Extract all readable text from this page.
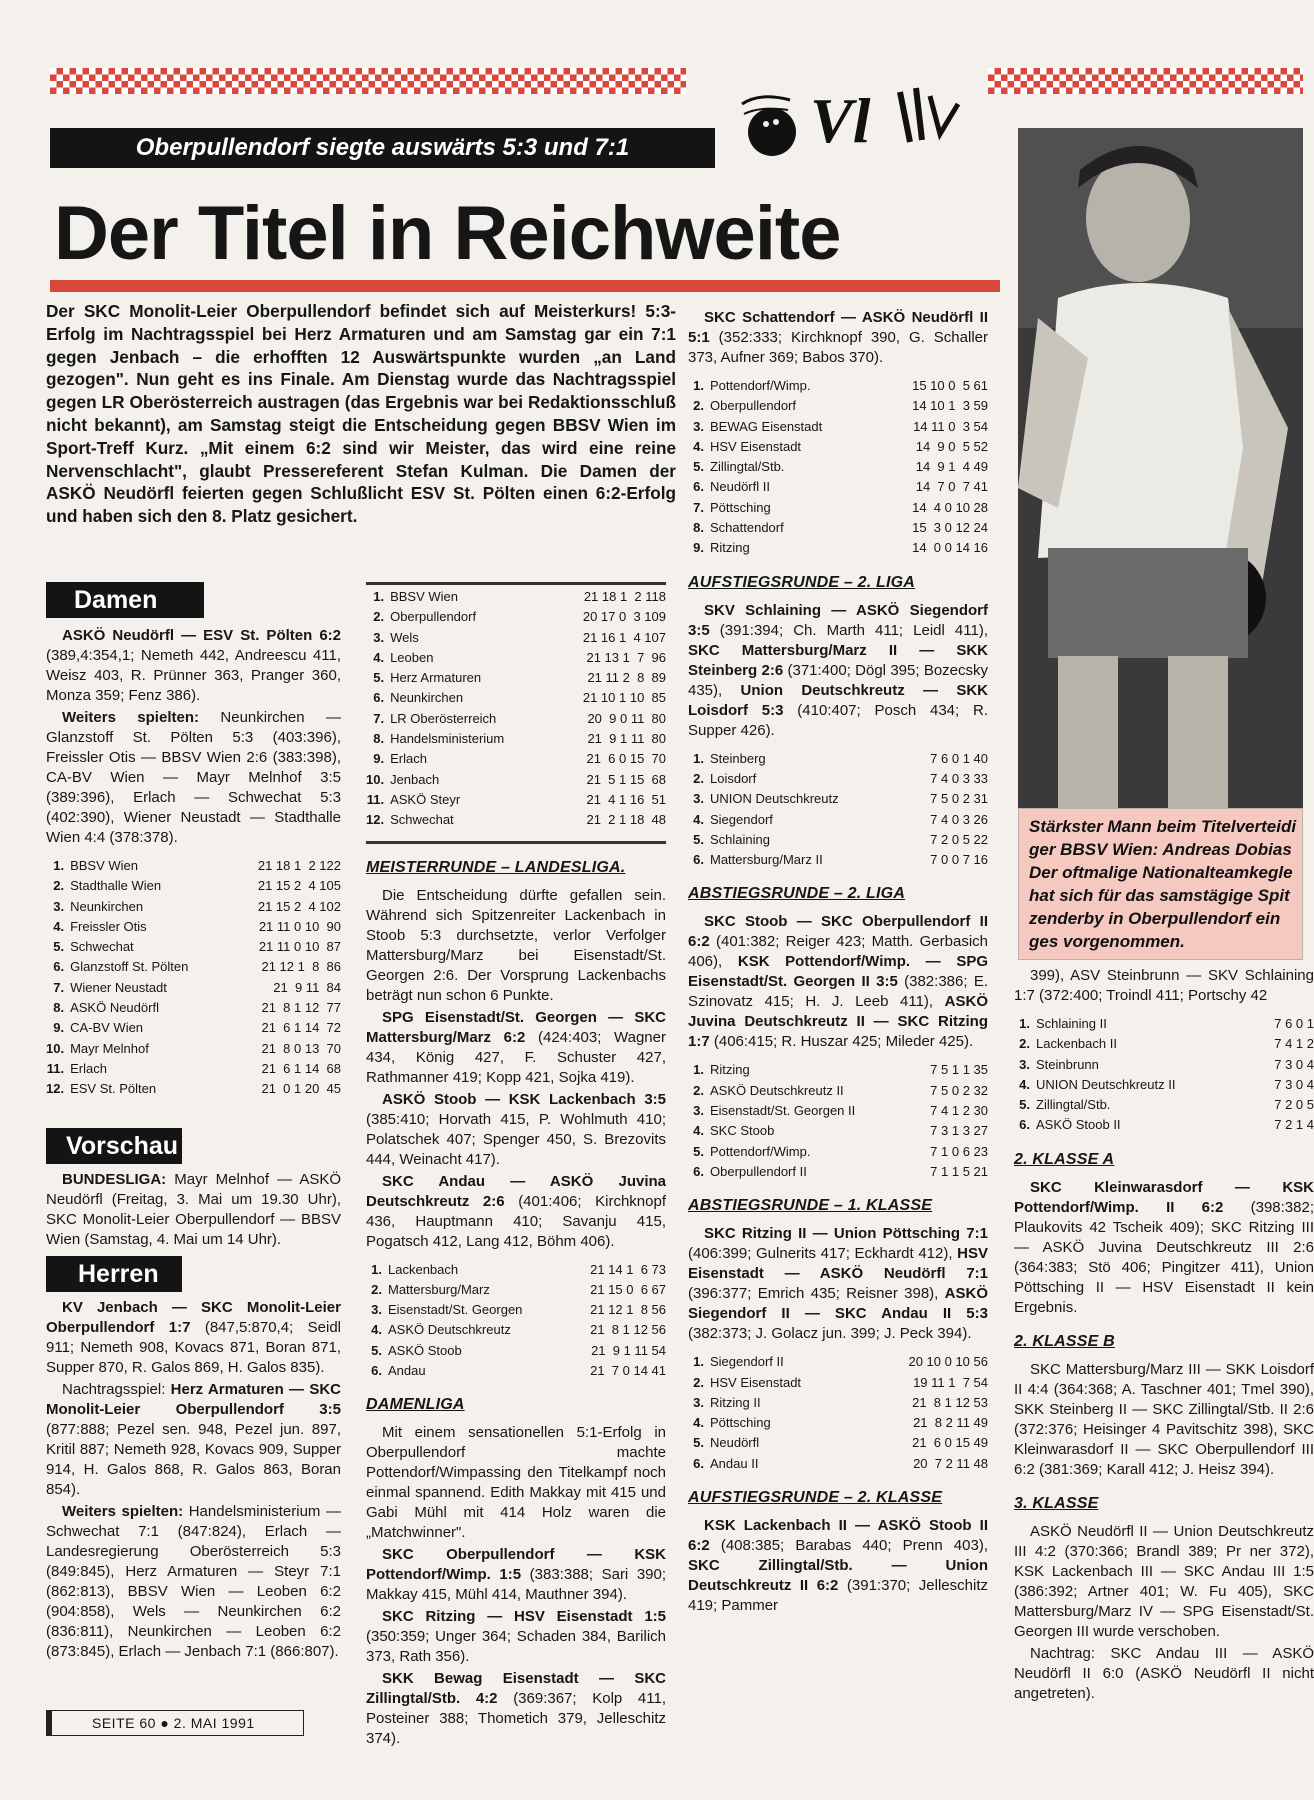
Oberpullendorf siegte auswärts 5:3 und 7:1	Vl
Der Titel in Reichweite
Stärkster Mann beim Titelverteidi
ger BBSV Wien: Andreas Dobias
Der oftmalige Nationalteamkegle
hat sich für das samstägige Spit
zenderby in Oberpullendorf ein
ges vorgenommen.
Der SKC Monolit-Leier Oberpullendorf befindet sich auf Meisterkurs! 5:3-Erfolg im Nachtragsspiel bei Herz Armaturen und am Samstag gar ein 7:1 gegen Jenbach – die erhofften 12 Auswärtspunkte wurden „an Land gezogen". Nun geht es ins Finale. Am Dienstag wurde das Nachtragsspiel gegen LR Oberösterreich austragen (das Ergebnis war bei Redaktionsschluß nicht bekannt), am Samstag steigt die Entscheidung gegen BBSV Wien im Sport-Treff Kurz. „Mit einem 6:2 sind wir Meister, das wird eine reine Nervenschlacht", glaubt Pressereferent Stefan Kulman. Die Damen der ASKÖ Neudörfl feierten gegen Schlußlicht ESV St. Pölten einen 6:2-Erfolg und haben sich den 8. Platz gesichert.
Damen

ASKÖ Neudörfl — ESV St. Pölten 6:2 (389,4:354,1; Nemeth 442, Andreescu 411, Weisz 403, R. Prünner 363, Pranger 360, Monza 359; Fenz 386).

Weiters spielten: Neunkirchen — Glanzstoff St. Pölten 5:3 (403:396), Freissler Otis — BBSV Wien 2:6 (383:398), CA-BV Wien — Mayr Melnhof 3:5 (389:396), Erlach — Schwechat 5:3 (402:390), Wiener Neustadt — Stadthalle Wien 4:4 (378:378).

1.	BBSV Wien	21 18 1  2 122
2.	Stadthalle Wien	21 15 2  4 105
3.	Neunkirchen	21 15 2  4 102
4.	Freissler Otis	21 11 0 10  90
5.	Schwechat	21 11 0 10  87
6.	Glanzstoff St. Pölten	21 12 1  8  86
7.	Wiener Neustadt	21  9 11  84
8.	ASKÖ Neudörfl	21  8 1 12  77
9.	CA-BV Wien	21  6 1 14  72
10.	Mayr Melnhof	21  8 0 13  70
11.	Erlach	21  6 1 14  68
12.	ESV St. Pölten	21  0 1 20  45
Vorschau

BUNDESLIGA: Mayr Melnhof — ASKÖ Neudörfl (Freitag, 3. Mai um 19.30 Uhr), SKC Monolit-Leier Oberpullendorf — BBSV Wien (Samstag, 4. Mai um 14 Uhr).

Herren

KV Jenbach — SKC Monolit-Leier Oberpullendorf 1:7 (847,5:870,4; Seidl 911; Nemeth 908, Kovacs 871, Boran 871, Supper 870, R. Galos 869, H. Galos 835).

Nachtragsspiel: Herz Armaturen — SKC Monolit-Leier Oberpullendorf 3:5 (877:888; Pezel sen. 948, Pezel jun. 897, Kritil 887; Nemeth 928, Kovacs 909, Supper 914, H. Galos 868, R. Galos 863, Boran 854).

Weiters spielten: Handelsministerium — Schwechat 7:1 (847:824), Erlach — Landesregierung Oberösterreich 5:3 (849:845), Herz Armaturen — Steyr 7:1 (862:813), BBSV Wien — Leoben 6:2 (904:858), Wels — Neunkirchen 6:2 (836:811), Neunkirchen — Leoben 6:2 (873:845), Erlach — Jenbach 7:1 (866:807).

SEITE 60 ● 2. MAI 1991
1.	BBSV Wien	21 18 1  2 118
2.	Oberpullendorf	20 17 0  3 109
3.	Wels	21 16 1  4 107
4.	Leoben	21 13 1  7  96
5.	Herz Armaturen	21 11 2  8  89
6.	Neunkirchen	21 10 1 10  85
7.	LR Oberösterreich	20  9 0 11  80
8.	Handelsministerium	21  9 1 11  80
9.	Erlach	21  6 0 15  70
10.	Jenbach	21  5 1 15  68
11.	ASKÖ Steyr	21  4 1 16  51
12.	Schwechat	21  2 1 18  48
MEISTERRUNDE – LANDESLIGA.

Die Entscheidung dürfte gefallen sein. Während sich Spitzenreiter Lackenbach in Stoob 5:3 durchsetzte, verlor Verfolger Mattersburg/Marz bei Eisenstadt/St. Georgen 2:6. Der Vorsprung Lackenbachs beträgt nun schon 6 Punkte.

SPG Eisenstadt/St. Georgen — SKC Mattersburg/Marz 6:2 (424:403; Wagner 434, König 427, F. Schuster 427, Rathmanner 419; Kopp 421, Sojka 419).

ASKÖ Stoob — KSK Lackenbach 3:5 (385:410; Horvath 415, P. Wohlmuth 410; Polatschek 407; Spenger 450, S. Brezovits 444, Weinacht 417).

SKC Andau — ASKÖ Juvina Deutschkreutz 2:6 (401:406; Kirchknopf 436, Hauptmann 410; Savanju 415, Pogatsch 412, Lang 412, Böhm 406).

1.	Lackenbach	21 14 1  6 73
2.	Mattersburg/Marz	21 15 0  6 67
3.	Eisenstadt/St. Georgen	21 12 1  8 56
4.	ASKÖ Deutschkreutz	21  8 1 12 56
5.	ASKÖ Stoob	21  9 1 11 54
6.	Andau	21  7 0 14 41
DAMENLIGA

Mit einem sensationellen 5:1-Erfolg in Oberpullendorf machte Pottendorf/Wimpassing den Titelkampf noch einmal spannend. Edith Makkay mit 415 und Gabi Mühl mit 414 Holz waren die „Matchwinner".

SKC Oberpullendorf — KSK Pottendorf/Wimp. 1:5 (383:388; Sari 390; Makkay 415, Mühl 414, Mauthner 394).

SKC Ritzing — HSV Eisenstadt 1:5 (350:359; Unger 364; Schaden 384, Barilich 373, Rath 356).

SKK Bewag Eisenstadt — SKC Zillingtal/Stb. 4:2 (369:367; Kolp 411, Posteiner 388; Thometich 379, Jelleschitz 374).

SKC Schattendorf — ASKÖ Neudörfl II 5:1 (352:333; Kirchknopf 390, G. Schaller 373, Aufner 369; Babos 370).

1.	Pottendorf/Wimp.	15 10 0  5 61
2.	Oberpullendorf	14 10 1  3 59
3.	BEWAG Eisenstadt	14 11 0  3 54
4.	HSV Eisenstadt	14  9 0  5 52
5.	Zillingtal/Stb.	14  9 1  4 49
6.	Neudörfl II	14  7 0  7 41
7.	Pöttsching	14  4 0 10 28
8.	Schattendorf	15  3 0 12 24
9.	Ritzing	14  0 0 14 16
AUFSTIEGSRUNDE – 2. LIGA

SKV Schlaining — ASKÖ Siegendorf 3:5 (391:394; Ch. Marth 411; Leidl 411), SKC Mattersburg/Marz II — SKK Steinberg 2:6 (371:400; Dögl 395; Bozecsky 435), Union Deutschkreutz — SKK Loisdorf 5:3 (410:407; Posch 434; R. Supper 426).

1.	Steinberg	7 6 0 1 40
2.	Loisdorf	7 4 0 3 33
3.	UNION Deutschkreutz	7 5 0 2 31
4.	Siegendorf	7 4 0 3 26
5.	Schlaining	7 2 0 5 22
6.	Mattersburg/Marz II	7 0 0 7 16
ABSTIEGSRUNDE – 2. LIGA

SKC Stoob — SKC Oberpullendorf II 6:2 (401:382; Reiger 423; Matth. Gerbasich 406), KSK Pottendorf/Wimp. — SPG Eisenstadt/St. Georgen II 3:5 (382:386; E. Szinovatz 415; H. J. Leeb 411), ASKÖ Juvina Deutschkreutz II — SKC Ritzing 1:7 (406:415; R. Huszar 425; Mileder 425).

1.	Ritzing	7 5 1 1 35
2.	ASKÖ Deutschkreutz II	7 5 0 2 32
3.	Eisenstadt/St. Georgen II	7 4 1 2 30
4.	SKC Stoob	7 3 1 3 27
5.	Pottendorf/Wimp.	7 1 0 6 23
6.	Oberpullendorf II	7 1 1 5 21
ABSTIEGSRUNDE – 1. KLASSE

SKC Ritzing II — Union Pöttsching 7:1 (406:399; Gulnerits 417; Eckhardt 412), HSV Eisenstadt — ASKÖ Neudörfl 7:1 (396:377; Emrich 435; Reisner 398), ASKÖ Siegendorf II — SKC Andau II 5:3 (382:373; J. Golacz jun. 399; J. Peck 394).

1.	Siegendorf II	20 10 0 10 56
2.	HSV Eisenstadt	19 11 1  7 54
3.	Ritzing II	21  8 1 12 53
4.	Pöttsching	21  8 2 11 49
5.	Neudörfl	21  6 0 15 49
6.	Andau II	20  7 2 11 48
AUFSTIEGSRUNDE – 2. KLASSE

KSK Lackenbach II — ASKÖ Stoob II 6:2 (408:385; Barabas 440; Prenn 403), SKC Zillingtal/Stb. — Union Deutschkreutz II 6:2 (391:370; Jelleschitz 419; Pammer

399), ASV Steinbrunn — SKV Schlaining 1:7 (372:400; Troindl 411; Portschy 42

1.	Schlaining II	7 6 0 1
2.	Lackenbach II	7 4 1 2
3.	Steinbrunn	7 3 0 4
4.	UNION Deutschkreutz II	7 3 0 4
5.	Zillingtal/Stb.	7 2 0 5
6.	ASKÖ Stoob II	7 2 1 4
2. KLASSE A

SKC Kleinwarasdorf — KSK Pottendorf/Wimp. II 6:2 (398:382; Plaukovits 42 Tscheik 409); SKC Ritzing III — ASKÖ Juvina Deutschkreutz III 2:6 (364:383; Stö 406; Pingitzer 411), Union Pöttsching II — HSV Eisenstadt II kein Ergebnis.

2. KLASSE B

SKC Mattersburg/Marz III — SKK Loisdorf II 4:4 (364:368; A. Taschner 401; Tmel 390), SKK Steinberg II — SKC Zillingtal/Stb. II 2:6 (372:376; Heisinger 4 Pavitschitz 398), SKC Kleinwarasdorf II — SKC Oberpullendorf III 6:2 (381:369; Karall 412; J. Heisz 394).

3. KLASSE

ASKÖ Neudörfl II — Union Deutschkreutz III 4:2 (370:366; Brandl 389; Pr ner 372), KSK Lackenbach III — SKC Andau III 1:5 (386:392; Artner 401; W. Fu 405), SKC Mattersburg/Marz IV — SPG Eisenstadt/St. Georgen III wurde verschoben.

Nachtrag: SKC Andau III — ASKÖ Neudörfl II 6:0 (ASKÖ Neudörfl II nicht angetreten).
